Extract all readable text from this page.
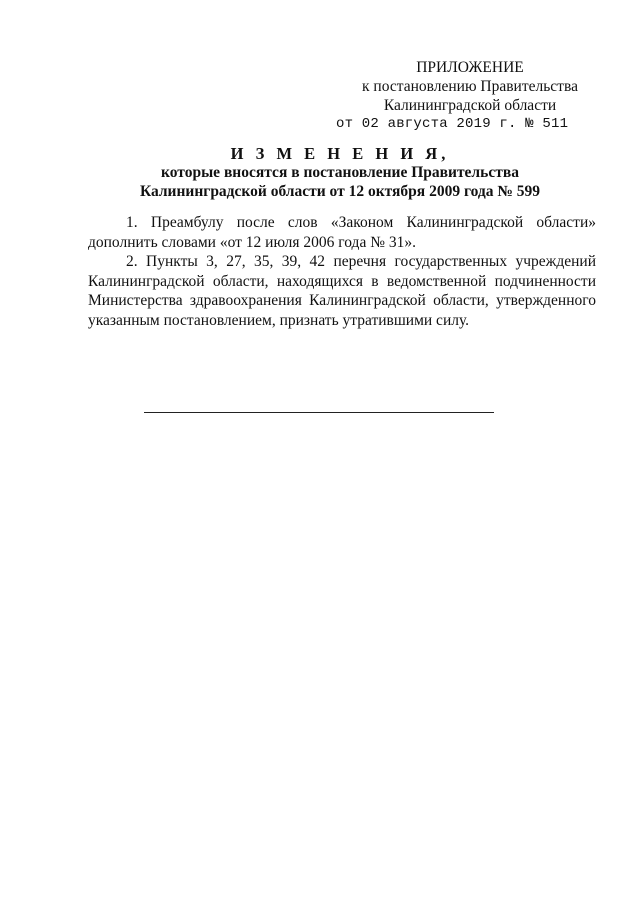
ПРИЛОЖЕНИЕ
к постановлению Правительства
Калининградской области
от 02 августа 2019 г. № 511
И З М Е Н Е Н И Я,
которые вносятся в постановление Правительства
Калининградской области от 12 октября 2009 года № 599

1. Преамбулу после слов «Законом Калининградской области» дополнить словами «от 12 июля 2006 года № 31».

2. Пункты 3, 27, 35, 39, 42 перечня государственных учреждений Калининградской области, находящихся в ведомственной подчиненности Министерства здравоохранения Калининградской области, утвержденного указанным постановлением, признать утратившими силу.
